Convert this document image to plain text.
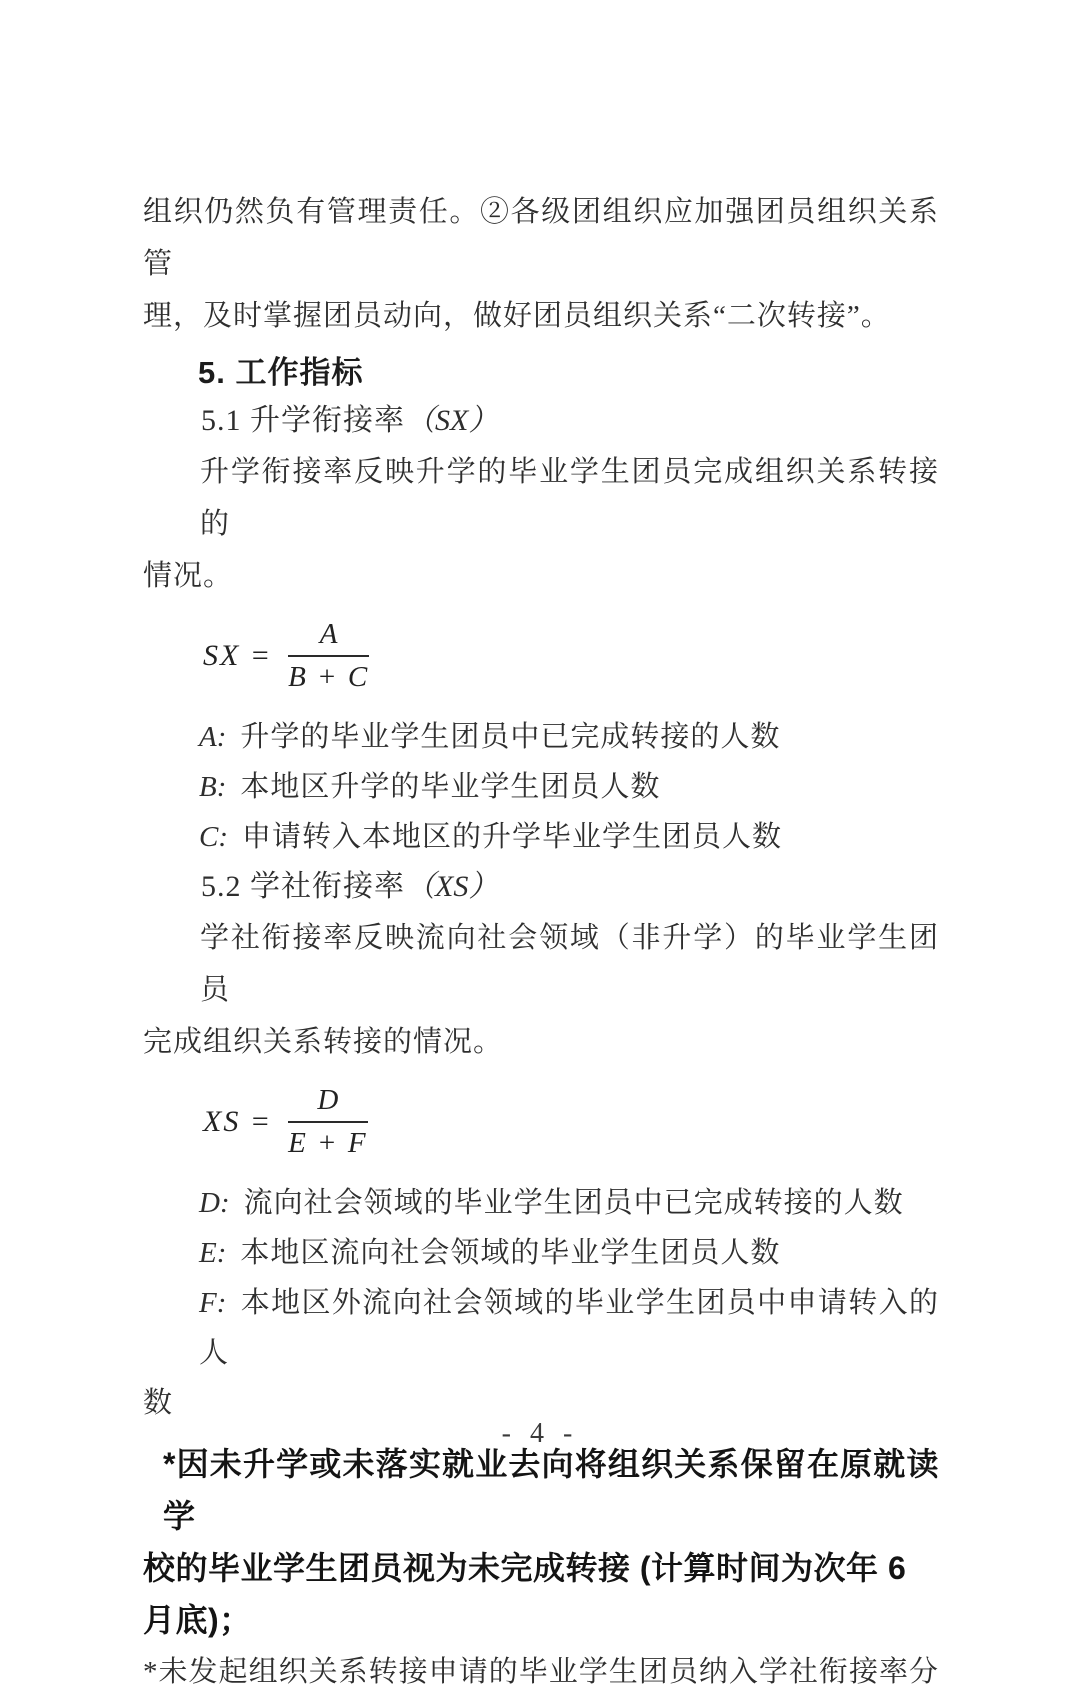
组织仍然负有管理责任。②各级团组织应加强团员组织关系管
理，及时掌握团员动向，做好团员组织关系“二次转接”。
5. 工作指标
5.1 升学衔接率（SX）
升学衔接率反映升学的毕业学生团员完成组织关系转接的
情况。
SX = $\frac{A}{B + C}$
A: 升学的毕业学生团员中已完成转接的人数
B: 本地区升学的毕业学生团员人数
C: 申请转入本地区的升学毕业学生团员人数
5.2 学社衔接率（XS）
学社衔接率反映流向社会领域（非升学）的毕业学生团员
完成组织关系转接的情况。
XS = $\frac{D}{E + F}$
D: 流向社会领域的毕业学生团员中已完成转接的人数
E: 本地区流向社会领域的毕业学生团员人数
F: 本地区外流向社会领域的毕业学生团员中申请转入的人
数
*因未升学或未落实就业去向将组织关系保留在原就读学
校的毕业学生团员视为未完成转接 (计算时间为次年 6 月底)；
*未发起组织关系转接申请的毕业学生团员纳入学社衔接率分
- 4 -
